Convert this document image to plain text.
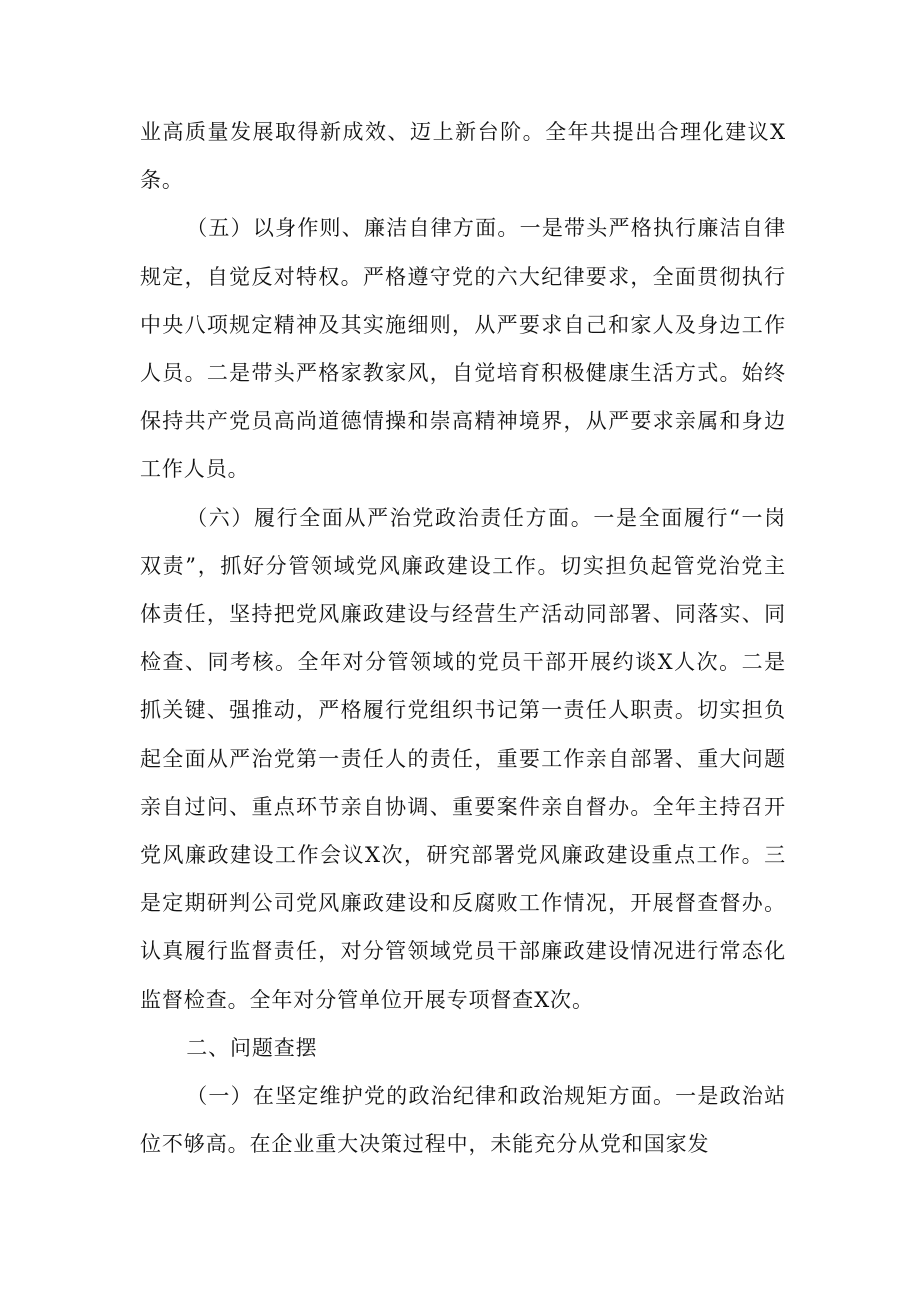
业高质量发展取得新成效、迈上新台阶。全年共提出合理化建议X条。

（五）以身作则、廉洁自律方面。一是带头严格执行廉洁自律规定，自觉反对特权。严格遵守党的六大纪律要求，全面贯彻执行中央八项规定精神及其实施细则，从严要求自己和家人及身边工作人员。二是带头严格家教家风，自觉培育积极健康生活方式。始终保持共产党员高尚道德情操和崇高精神境界，从严要求亲属和身边工作人员。

（六）履行全面从严治党政治责任方面。一是全面履行“一岗双责”，抓好分管领域党风廉政建设工作。切实担负起管党治党主体责任，坚持把党风廉政建设与经营生产活动同部署、同落实、同检查、同考核。全年对分管领域的党员干部开展约谈X人次。二是抓关键、强推动，严格履行党组织书记第一责任人职责。切实担负起全面从严治党第一责任人的责任，重要工作亲自部署、重大问题亲自过问、重点环节亲自协调、重要案件亲自督办。全年主持召开党风廉政建设工作会议X次，研究部署党风廉政建设重点工作。三是定期研判公司党风廉政建设和反腐败工作情况，开展督查督办。认真履行监督责任，对分管领域党员干部廉政建设情况进行常态化监督检查。全年对分管单位开展专项督查X次。

二、问题查摆

（一）在坚定维护党的政治纪律和政治规矩方面。一是政治站位不够高。在企业重大决策过程中，未能充分从党和国家发
